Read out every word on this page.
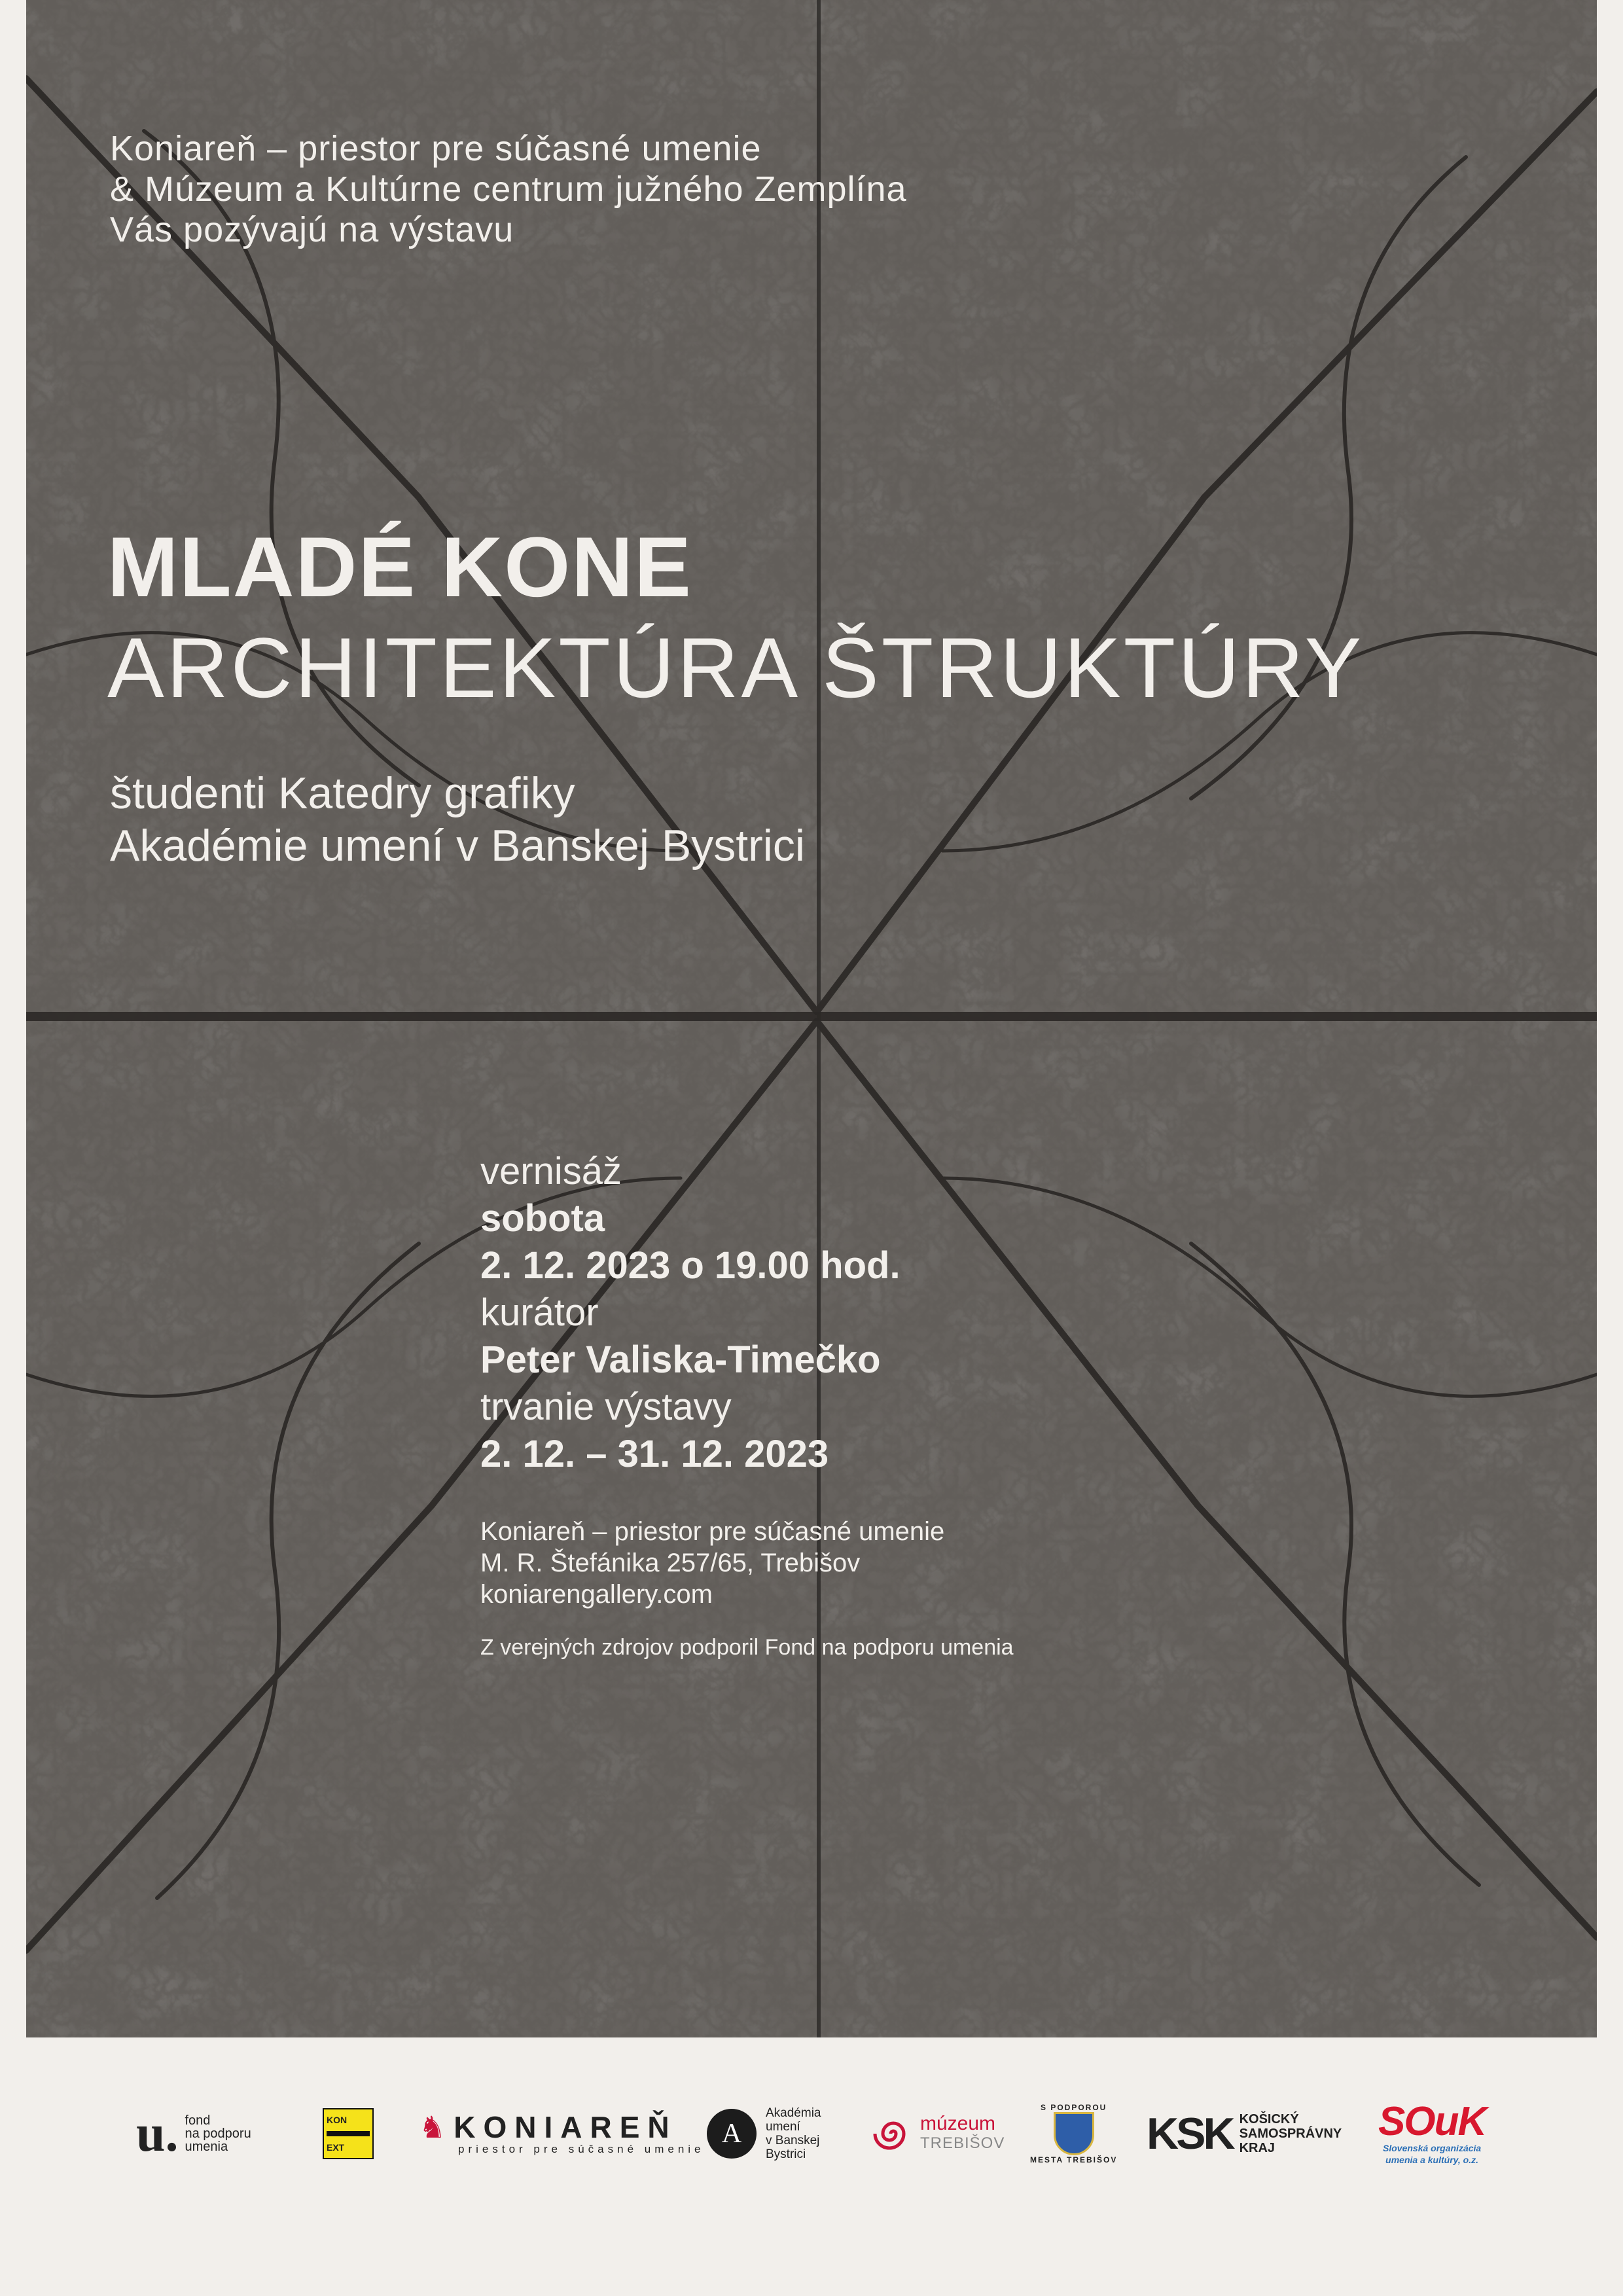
Koniareň – priestor pre súčasné umenie
& Múzeum a Kultúrne centrum južného Zemplína
Vás pozývajú na výstavu
MLADÉ KONE
ARCHITEKTÚRA ŠTRUKTÚRY
študenti Katedry grafiky
Akadémie umení v Banskej Bystrici
vernisáž
sobota
2. 12. 2023 o 19.00 hod.
kurátor
Peter Valiska-Timečko
trvanie výstavy
2. 12. – 31. 12. 2023
Koniareň – priestor pre súčasné umenie
M. R. Štefánika 257/65, Trebišov
koniarengallery.com
Z verejných zdrojov podporil Fond na podporu umenia
u. fond
na podporu
umenia
KON
EXT
♞ KONIAREŇ
priestor pre súčasné umenie
A
Akadémia
umení
v Banskej
Bystrici
múzeum
TREBIŠOV
S PODPOROU
MESTA TREBIŠOV
KSK KOŠICKÝ
SAMOSPRÁVNY
KRAJ
SOuK
Slovenská organizácia
umenia a kultúry, o.z.
